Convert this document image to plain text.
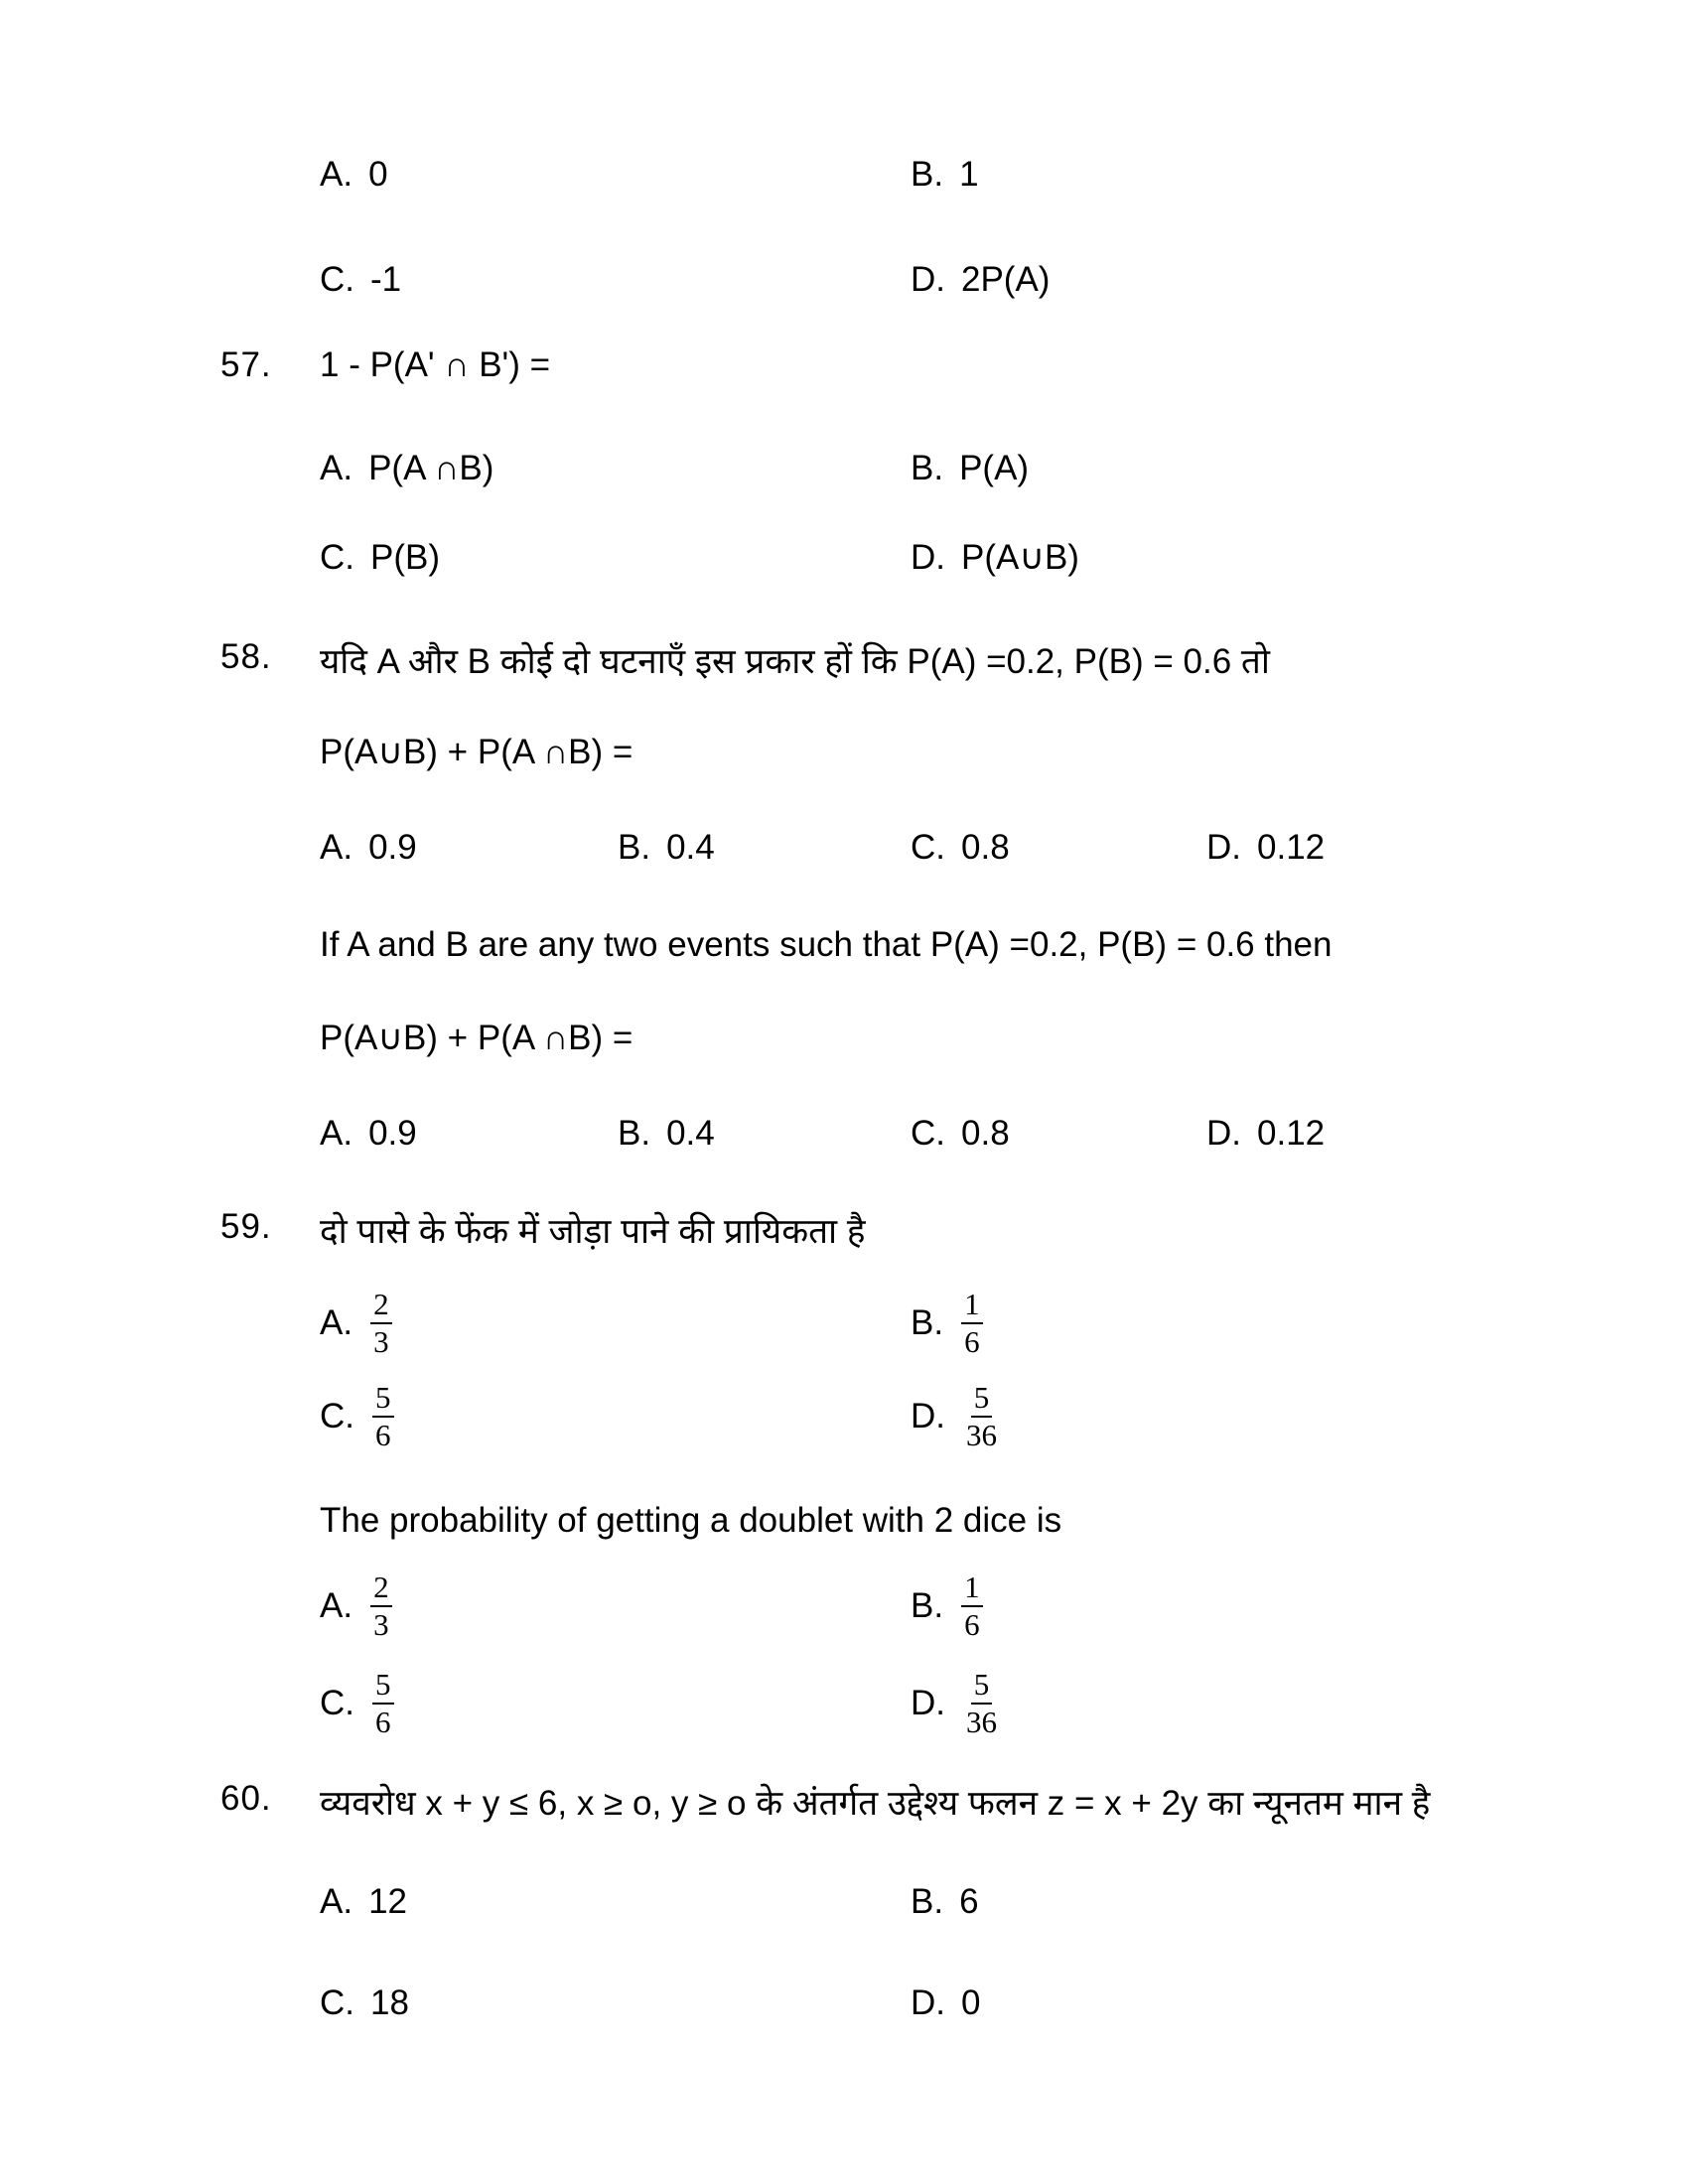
A. 0	B. 1
C. -1	D. 2P(A)
57. 1 - P(A' ∩ B') =
A. P(A ∩B)	B. P(A)
C. P(B)	D. P(A∪B)
58. यदि A और B कोई दो घटनाएँ इस प्रकार हों कि P(A) =0.2, P(B) = 0.6 तो
P(A∪B) + P(A ∩B) =
A. 0.9	B. 0.4	C. 0.8	D. 0.12
If A and B are any two events such that P(A) =0.2, P(B) = 0.6 then
P(A∪B) + P(A ∩B) =
A. 0.9	B. 0.4	C. 0.8	D. 0.12
59. दो पासे के फेंक में जोड़ा पाने की प्रायिकता है
A. $\frac{2}{3}$	B. $\frac{1}{6}$
C. $\frac{5}{6}$	D. $\frac{5}{36}$
The probability of getting a doublet with 2 dice is
A. $\frac{2}{3}$	B. $\frac{1}{6}$
C. $\frac{5}{6}$	D. $\frac{5}{36}$
60. व्यवरोध x + y ≤ 6, x ≥ o, y ≥ o के अंतर्गत उद्देश्य फलन z = x + 2y का न्यूनतम मान है
A. 12	B. 6
C. 18	D. 0
